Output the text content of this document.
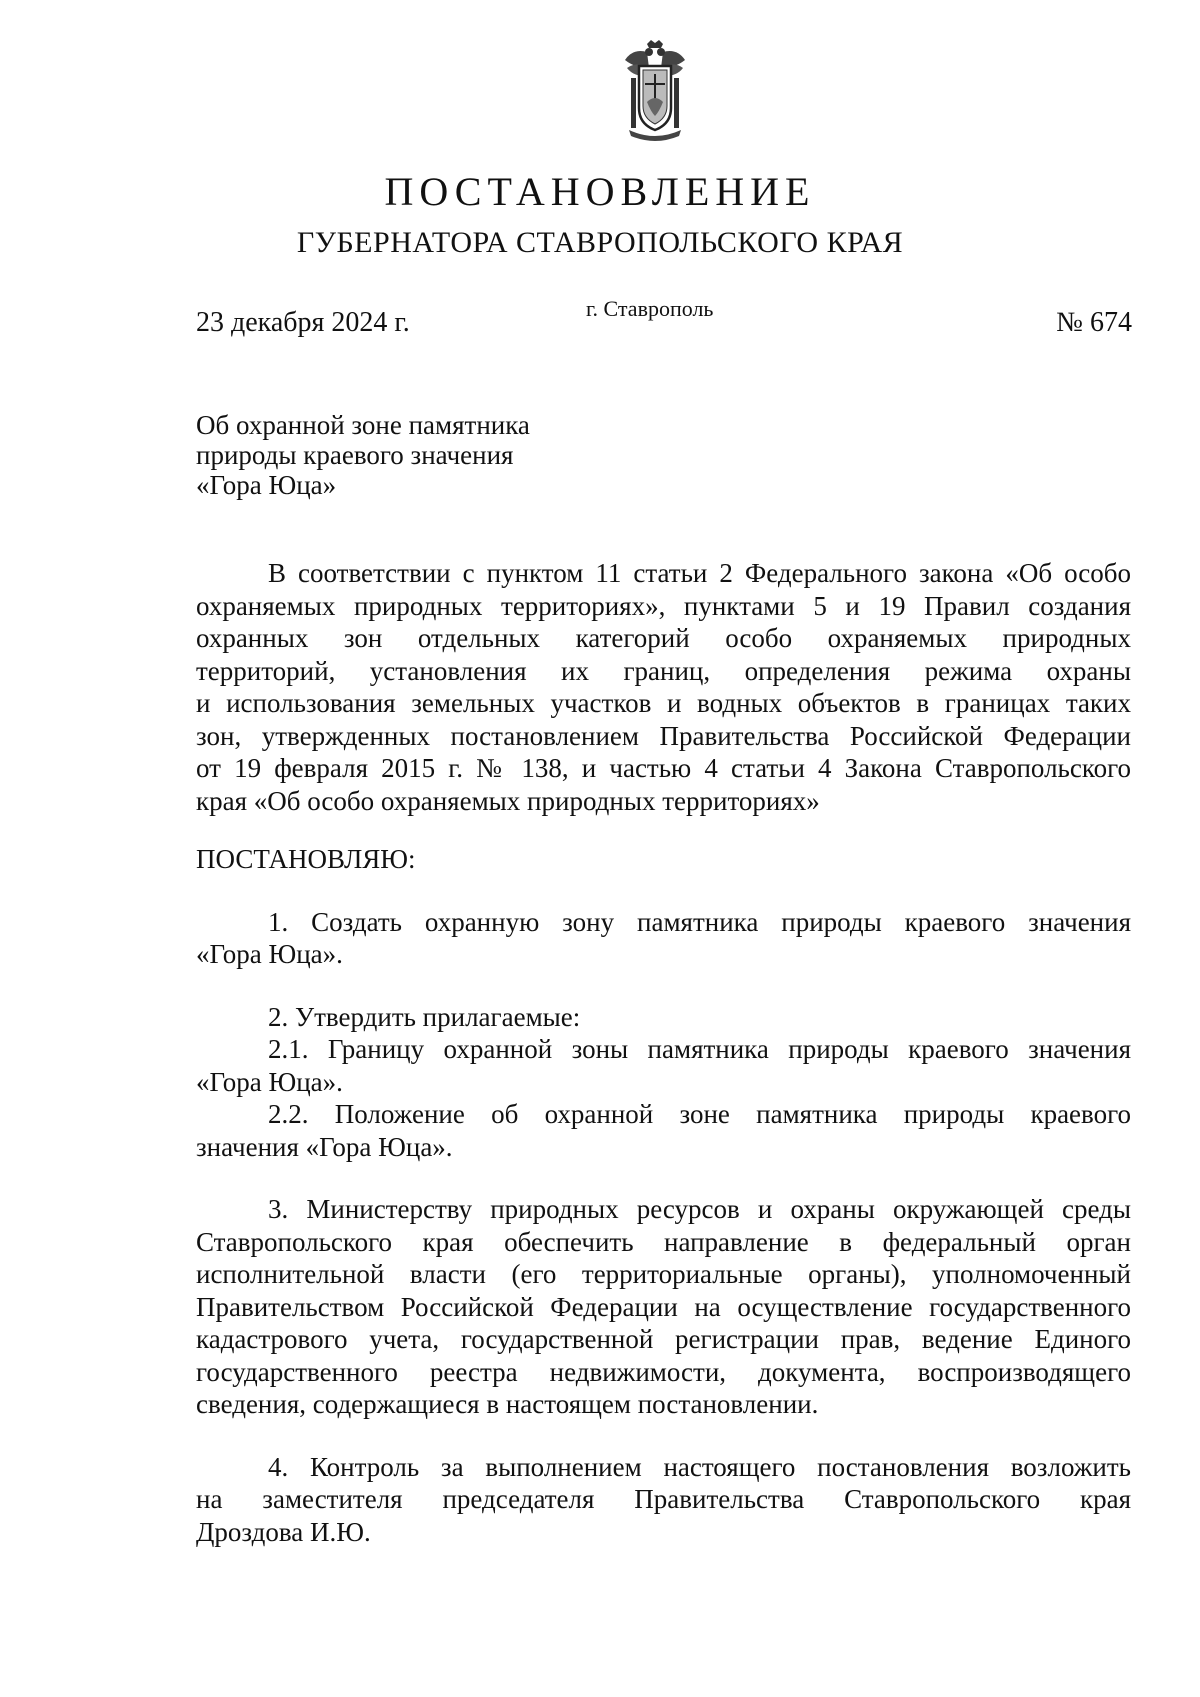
ПОСТАНОВЛЕНИЕ
ГУБЕРНАТОРА СТАВРОПОЛЬСКОГО КРАЯ
23 декабря 2024 г.	г. Ставрополь	№ 674
Об охранной зоне памятника
природы краевого значения
«Гора Юца»
В соответствии с пунктом 11 статьи 2 Федерального закона «Об особо
охраняемых природных территориях», пунктами 5 и 19 Правил создания
охранных зон отдельных категорий особо охраняемых природных
территорий, установления их границ, определения режима охраны
и использования земельных участков и водных объектов в границах таких
зон, утвержденных постановлением Правительства Российской Федерации
от 19 февраля 2015 г. № 138, и частью 4 статьи 4 Закона Ставропольского
края «Об особо охраняемых природных территориях»
ПОСТАНОВЛЯЮ:
1. Создать охранную зону памятника природы краевого значения
«Гора Юца».
2. Утвердить прилагаемые:
2.1. Границу охранной зоны памятника природы краевого значения
«Гора Юца».
2.2. Положение об охранной зоне памятника природы краевого
значения «Гора Юца».
3. Министерству природных ресурсов и охраны окружающей среды
Ставропольского края обеспечить направление в федеральный орган
исполнительной власти (его территориальные органы), уполномоченный
Правительством Российской Федерации на осуществление государственного
кадастрового учета, государственной регистрации прав, ведение Единого
государственного реестра недвижимости, документа, воспроизводящего
сведения, содержащиеся в настоящем постановлении.
4. Контроль за выполнением настоящего постановления возложить
на заместителя председателя Правительства Ставропольского края
Дроздова И.Ю.
